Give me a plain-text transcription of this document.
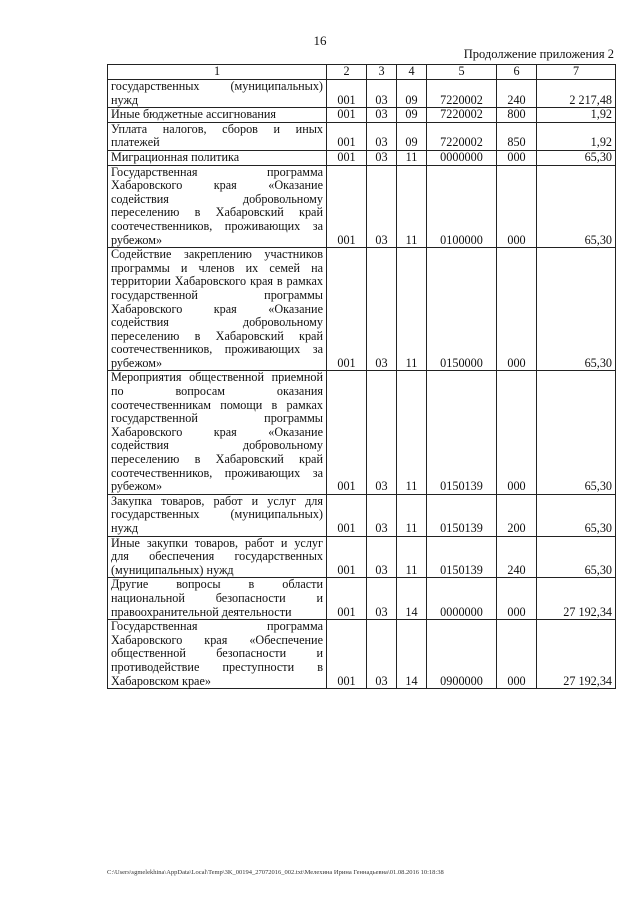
16
Продолжение приложения 2
1	2	3	4	5	6	7
государственных (муниципальных) нужд	001	03	09	7220002	240	2 217,48
Иные бюджетные ассигнования	001	03	09	7220002	800	1,92
Уплата налогов, сборов и иных платежей	001	03	09	7220002	850	1,92
Миграционная политика	001	03	11	0000000	000	65,30
Государственная программа Хабаровского края «Оказание содействия добровольному переселению в Хабаровский край соотечественников, проживающих за рубежом»	001	03	11	0100000	000	65,30
Содействие закреплению участников программы и членов их семей на территории Хабаровского края в рамках государственной программы Хабаровского края «Оказание содействия добровольному переселению в Хабаровский край соотечественников, проживающих за рубежом»	001	03	11	0150000	000	65,30
Мероприятия общественной приемной по вопросам оказания соотечественникам помощи в рамках государственной программы Хабаровского края «Оказание содействия добровольному переселению в Хабаровский край соотечественников, проживающих за рубежом»	001	03	11	0150139	000	65,30
Закупка товаров, работ и услуг для государственных (муниципальных) нужд	001	03	11	0150139	200	65,30
Иные закупки товаров, работ и услуг для обеспечения государственных (муниципальных) нужд	001	03	11	0150139	240	65,30
Другие вопросы в области национальной безопасности и правоохранительной деятельности	001	03	14	0000000	000	27 192,34
Государственная программа Хабаровского края «Обеспечение общественной безопасности и противодействие преступности в Хабаровском крае»	001	03	14	0900000	000	27 192,34
C:\Users\sgmelekhina\AppData\Local\Temp\3K_00194_27072016_002.txt\Мелехина Ирина Геннадьевна\01.08.2016 10:18:38
